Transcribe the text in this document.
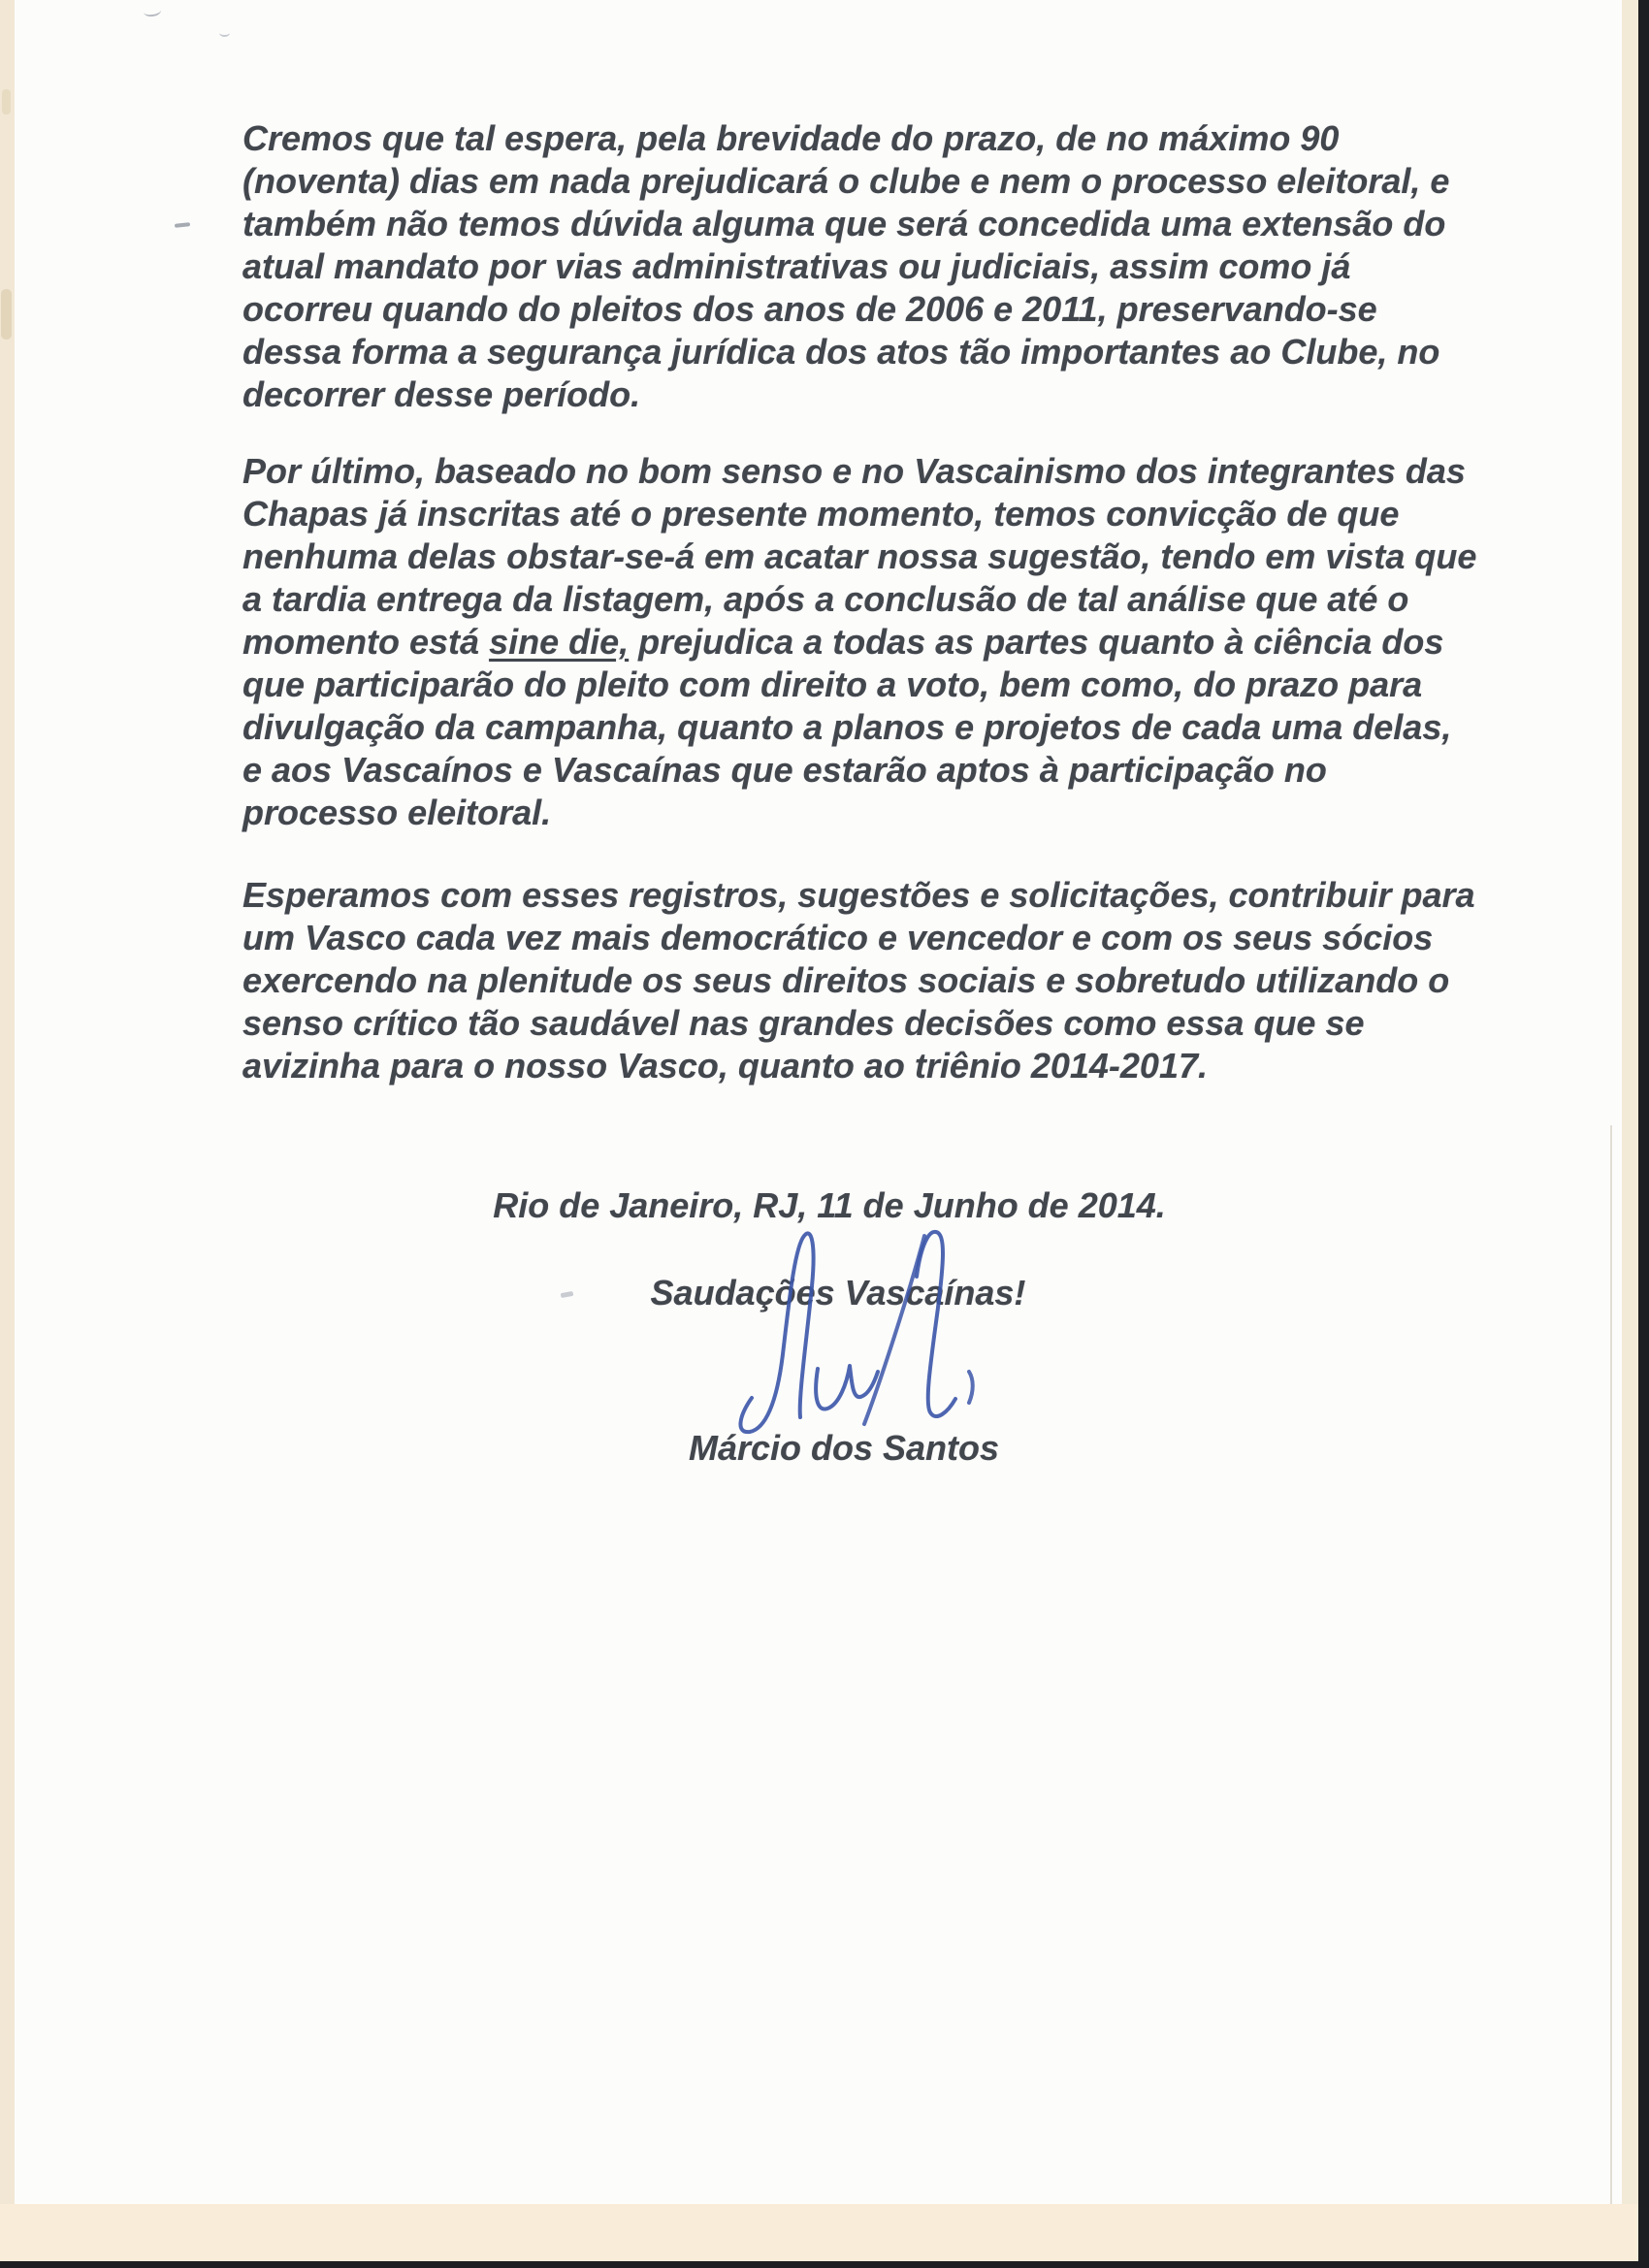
Cremos que tal espera, pela brevidade do prazo, de no máximo 90
(noventa) dias em nada prejudicará o clube e nem o processo eleitoral, e
também não temos dúvida alguma que será concedida uma extensão do
atual mandato por vias administrativas ou judiciais, assim como já
ocorreu quando do pleitos dos anos de 2006 e 2011, preservando-se
dessa forma a segurança jurídica dos atos tão importantes ao Clube, no
decorrer desse período.
Por último, baseado no bom senso e no Vascainismo dos integrantes das
Chapas já inscritas até o presente momento, temos convicção de que
nenhuma delas obstar-se-á em acatar nossa sugestão, tendo em vista que
a tardia entrega da listagem, após a conclusão de tal análise que até o
momento está sine die, prejudica a todas as partes quanto à ciência dos
que participarão do pleito com direito a voto, bem como, do prazo para
divulgação da campanha, quanto a planos e projetos de cada uma delas,
e aos Vascaínos e Vascaínas que estarão aptos à participação no
processo eleitoral.
Esperamos com esses registros, sugestões e solicitações, contribuir para
um Vasco cada vez mais democrático e vencedor e com os seus sócios
exercendo na plenitude os seus direitos sociais e sobretudo utilizando o
senso crítico tão saudável nas grandes decisões como essa que se
avizinha para o nosso Vasco, quanto ao triênio 2014-2017.
Rio de Janeiro, RJ, 11 de Junho de 2014.
Saudações Vascaínas!
Márcio dos Santos
